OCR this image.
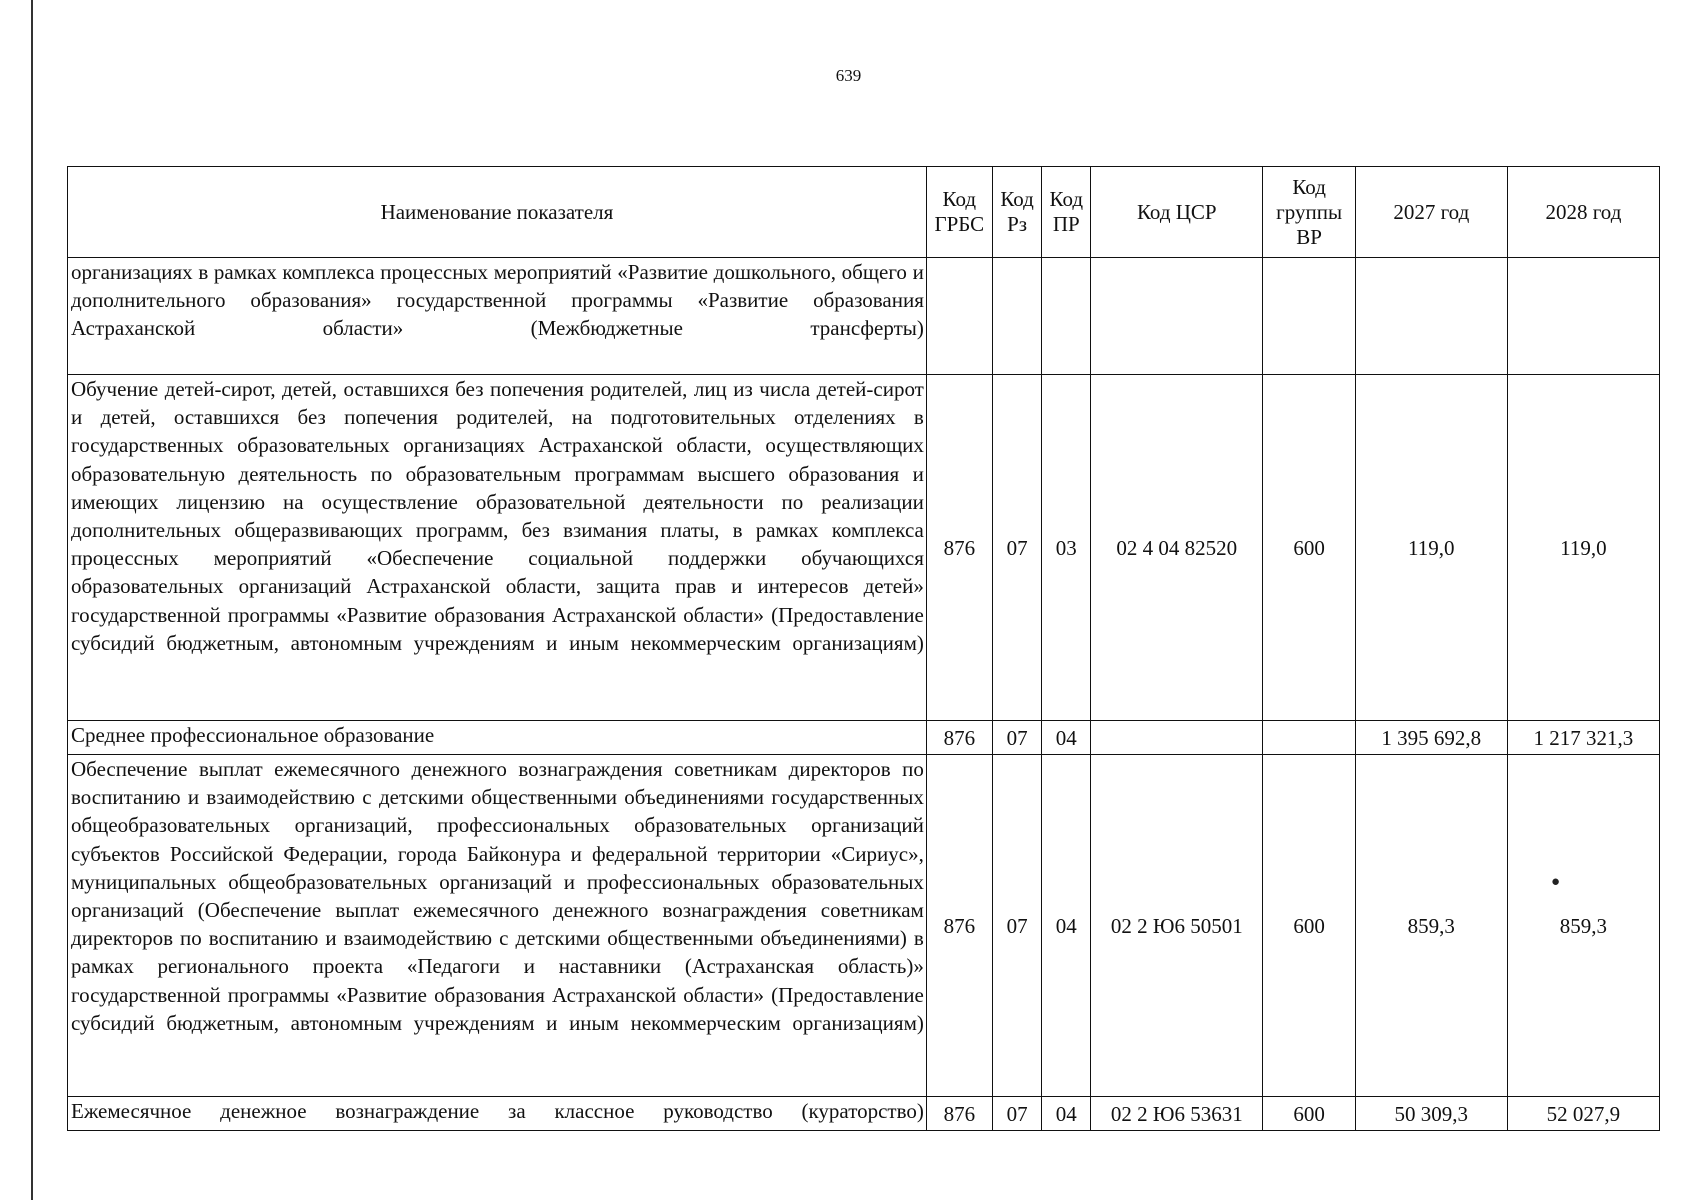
639
Наименование показателя	Код ГРБС	Код Рз	Код ПР	Код ЦСР	Код группы ВР	2027 год	2028 год
организациях в рамках комплекса процессных мероприятий «Развитие дошкольного, общего и дополнительного образования» государственной программы «Развитие образования Астраханской области» (Межбюджетные трансферты)							
Обучение детей-сирот, детей, оставшихся без попечения родителей, лиц из числа детей-сирот и детей, оставшихся без попечения родителей, на подготовительных отделениях в государственных образовательных организациях Астраханской области, осуществляющих образовательную деятельность по образовательным программам высшего образования и имеющих лицензию на осуществление образовательной деятельности по реализации дополнительных общеразвивающих программ, без взимания платы, в рамках комплекса процессных мероприятий «Обеспечение социальной поддержки обучающихся образовательных организаций Астраханской области, защита прав и интересов детей» государственной программы «Развитие образования Астраханской области» (Предоставление субсидий бюджетным, автономным учреждениям и иным некоммерческим организациям)	876	07	03	02 4 04 82520	600	119,0	119,0
Среднее профессиональное образование	876	07	04			1 395 692,8	1 217 321,3
Обеспечение выплат ежемесячного денежного вознаграждения советникам директоров по воспитанию и взаимодействию с детскими общественными объединениями государственных общеобразовательных организаций, профессиональных образовательных организаций субъектов Российской Федерации, города Байконура и федеральной территории «Сириус», муниципальных общеобразовательных организаций и профессиональных образовательных организаций (Обеспечение выплат ежемесячного денежного вознаграждения советникам директоров по воспитанию и взаимодействию с детскими общественными объединениями) в рамках регионального проекта «Педагоги и наставники (Астраханская область)» государственной программы «Развитие образования Астраханской области» (Предоставление субсидий бюджетным, автономным учреждениям и иным некоммерческим организациям)	876	07	04	02 2 Ю6 50501	600	859,3	859,3
Ежемесячное денежное вознаграждение за классное руководство (кураторство)	876	07	04	02 2 Ю6 53631	600	50 309,3	52 027,9
●
